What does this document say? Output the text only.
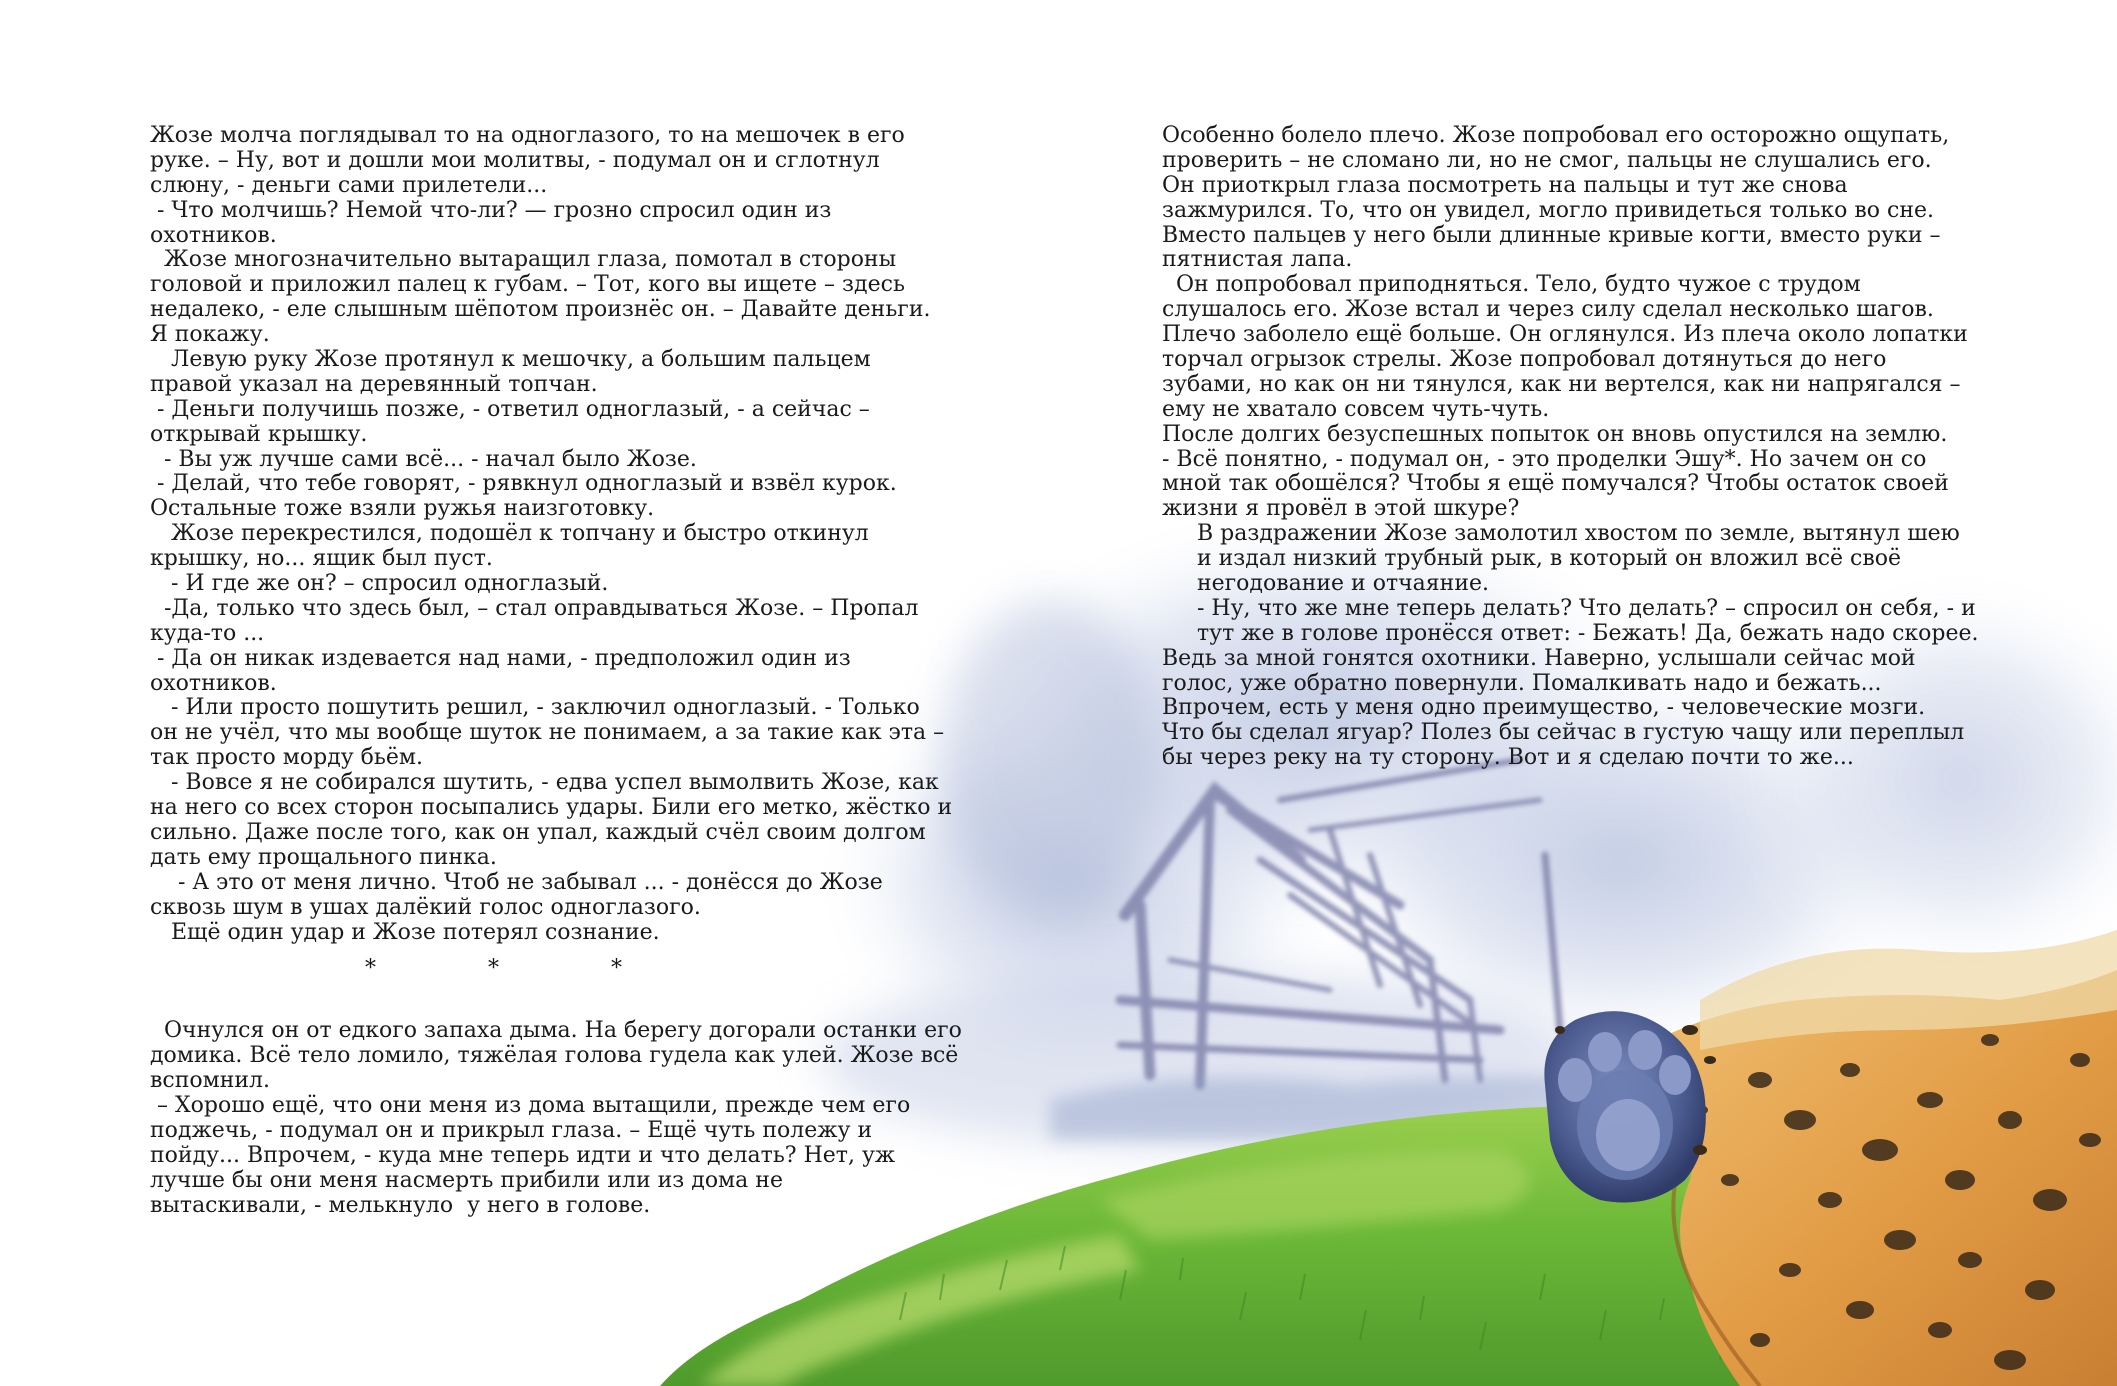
Жозе молча поглядывал то на одноглазого, то на мешочек в его
руке. – Ну, вот и дошли мои молитвы, - подумал он и сглотнул
слюну, - деньги сами прилетели...
- Что молчишь? Немой что-ли? — грозно спросил один из
охотников.
Жозе многозначительно вытаращил глаза, помотал в стороны
головой и приложил палец к губам. – Тот, кого вы ищете – здесь
недалеко, - еле слышным шёпотом произнёс он. – Давайте деньги.
Я покажу.
Левую руку Жозе протянул к мешочку, а большим пальцем
правой указал на деревянный топчан.
- Деньги получишь позже, - ответил одноглазый, - а сейчас –
открывай крышку.
- Вы уж лучше сами всё... - начал было Жозе.
- Делай, что тебе говорят, - рявкнул одноглазый и взвёл курок.
Остальные тоже взяли ружья наизготовку.
Жозе перекрестился, подошёл к топчану и быстро откинул
крышку, но... ящик был пуст.
- И где же он? – спросил одноглазый.
-Да, только что здесь был, – стал оправдываться Жозе. – Пропал
куда-то ...
- Да он никак издевается над нами, - предположил один из
охотников.
- Или просто пошутить решил, - заключил одноглазый. - Только
он не учёл, что мы вообще шуток не понимаем, а за такие как эта –
так просто морду бьём.
- Вовсе я не собирался шутить, - едва успел вымолвить Жозе, как
на него со всех сторон посыпались удары. Били его метко, жёстко и
сильно. Даже после того, как он упал, каждый счёл своим долгом
дать ему прощального пинка.
- А это от меня лично. Чтоб не забывал ... - донёсся до Жозе
сквозь шум в ушах далёкий голос одноглазого.
Ещё один удар и Жозе потерял сознание.
*	*	*
Очнулся он от едкого запаха дыма. На берегу догорали останки его
домика. Всё тело ломило, тяжёлая голова гудела как улей. Жозе всё
вспомнил.
– Хорошо ещё, что они меня из дома вытащили, прежде чем его
поджечь, - подумал он и прикрыл глаза. – Ещё чуть полежу и
пойду... Впрочем, - куда мне теперь идти и что делать? Нет, уж
лучше бы они меня насмерть прибили или из дома не
вытаскивали, - мелькнуло  у него в голове.
Особенно болело плечо. Жозе попробовал его осторожно ощупать,
проверить – не сломано ли, но не смог, пальцы не слушались его.
Он приоткрыл глаза посмотреть на пальцы и тут же снова
зажмурился. То, что он увидел, могло привидеться только во сне.
Вместо пальцев у него были длинные кривые когти, вместо руки –
пятнистая лапа.
Он попробовал приподняться. Тело, будто чужое с трудом
слушалось его. Жозе встал и через силу сделал несколько шагов.
Плечо заболело ещё больше. Он оглянулся. Из плеча около лопатки
торчал огрызок стрелы. Жозе попробовал дотянуться до него
зубами, но как он ни тянулся, как ни вертелся, как ни напрягался –
ему не хватало совсем чуть-чуть.
После долгих безуспешных попыток он вновь опустился на землю.
- Всё понятно, - подумал он, - это проделки Эшу*. Но зачем он со
мной так обошёлся? Чтобы я ещё помучался? Чтобы остаток своей
жизни я провёл в этой шкуре?
В раздражении Жозе замолотил хвостом по земле, вытянул шею
и издал низкий трубный рык, в который он вложил всё своё
негодование и отчаяние.
- Ну, что же мне теперь делать? Что делать? – спросил он себя, - и
тут же в голове пронёсся ответ: - Бежать! Да, бежать надо скорее.
Ведь за мной гонятся охотники. Наверно, услышали сейчас мой
голос, уже обратно повернули. Помалкивать надо и бежать...
Впрочем, есть у меня одно преимущество, - человеческие мозги.
Что бы сделал ягуар? Полез бы сейчас в густую чащу или переплыл
бы через реку на ту сторону. Вот и я сделаю почти то же...
